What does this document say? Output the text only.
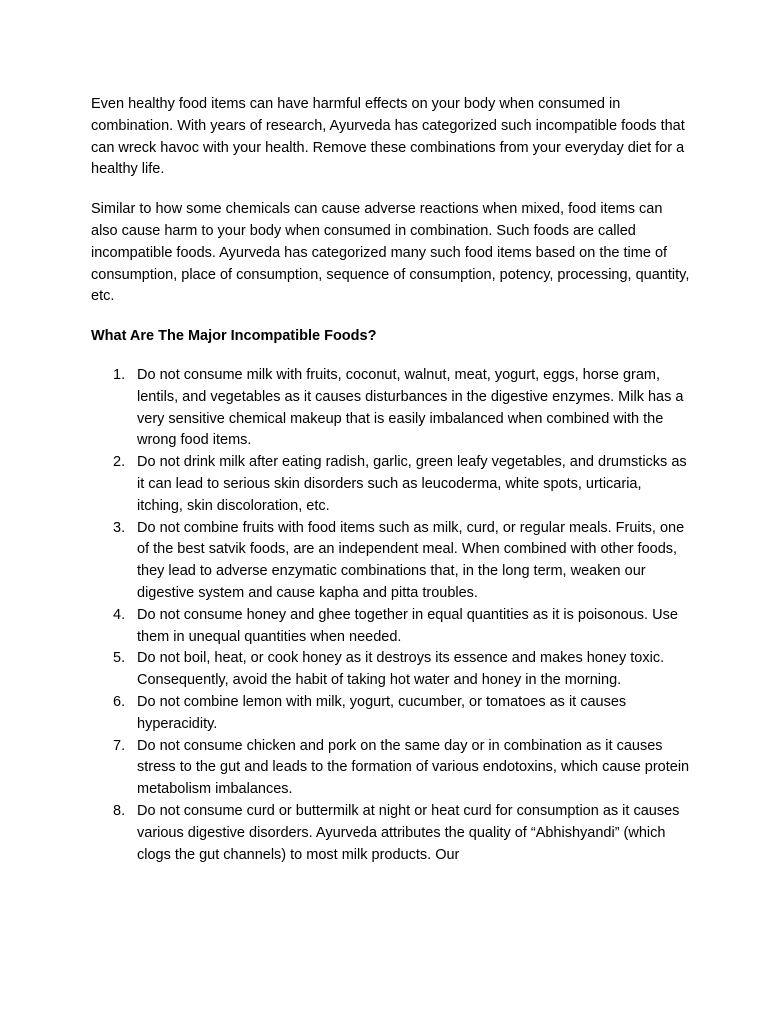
Even healthy food items can have harmful effects on your body when consumed in combination. With years of research, Ayurveda has categorized such incompatible foods that can wreck havoc with your health. Remove these combinations from your everyday diet for a healthy life.

Similar to how some chemicals can cause adverse reactions when mixed, food items can also cause harm to your body when consumed in combination. Such foods are called incompatible foods. Ayurveda has categorized many such food items based on the time of consumption, place of consumption, sequence of consumption, potency, processing, quantity, etc.

What Are The Major Incompatible Foods?

1. Do not consume milk with fruits, coconut, walnut, meat, yogurt, eggs, horse gram, lentils, and vegetables as it causes disturbances in the digestive enzymes. Milk has a very sensitive chemical makeup that is easily imbalanced when combined with the wrong food items.
2. Do not drink milk after eating radish, garlic, green leafy vegetables, and drumsticks as it can lead to serious skin disorders such as leucoderma, white spots, urticaria, itching, skin discoloration, etc.
3. Do not combine fruits with food items such as milk, curd, or regular meals. Fruits, one of the best satvik foods, are an independent meal. When combined with other foods, they lead to adverse enzymatic combinations that, in the long term, weaken our digestive system and cause kapha and pitta troubles.
4. Do not consume honey and ghee together in equal quantities as it is poisonous. Use them in unequal quantities when needed.
5. Do not boil, heat, or cook honey as it destroys its essence and makes honey toxic. Consequently, avoid the habit of taking hot water and honey in the morning.
6. Do not combine lemon with milk, yogurt, cucumber, or tomatoes as it causes hyperacidity.
7. Do not consume chicken and pork on the same day or in combination as it causes stress to the gut and leads to the formation of various endotoxins, which cause protein metabolism imbalances.
8. Do not consume curd or buttermilk at night or heat curd for consumption as it causes various digestive disorders. Ayurveda attributes the quality of “Abhishyandi” (which clogs the gut channels) to most milk products. Our
